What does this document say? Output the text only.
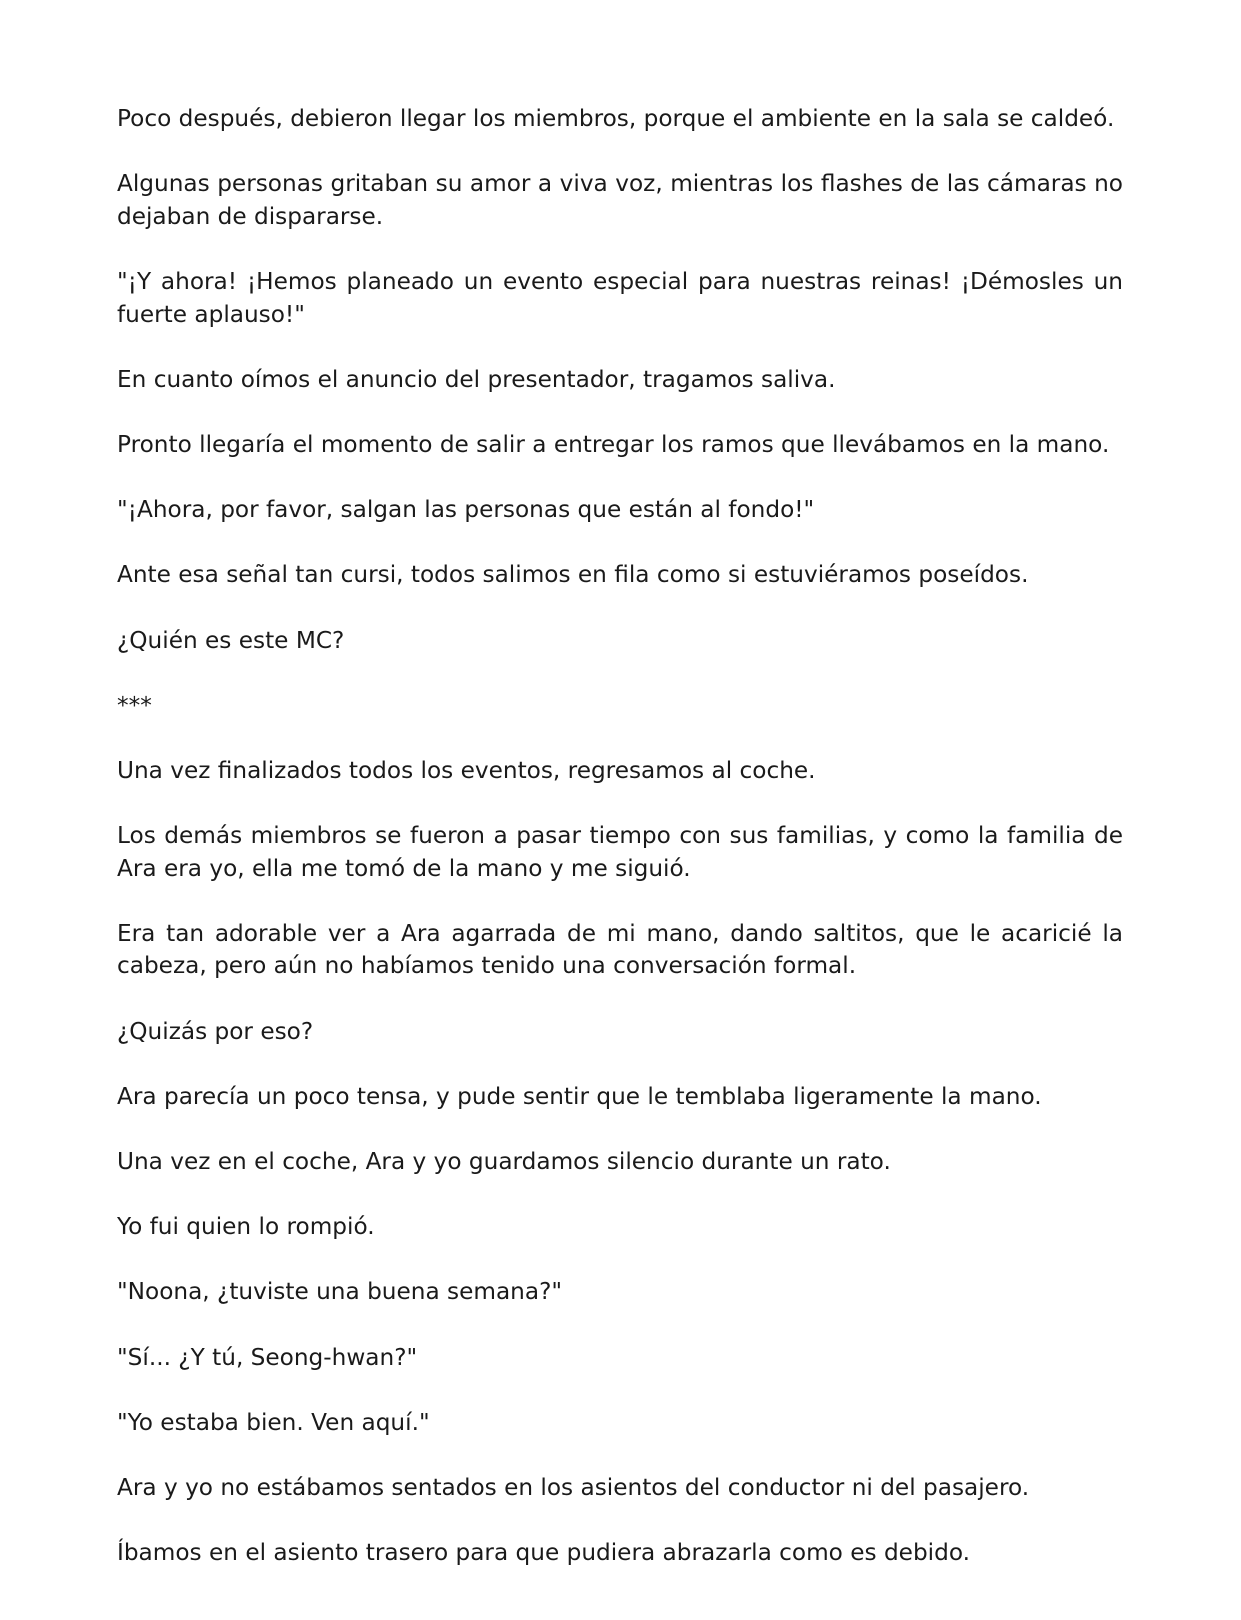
Poco después, debieron llegar los miembros, porque el ambiente en la sala se caldeó.

Algunas personas gritaban su amor a viva voz, mientras los flashes de las cámaras no dejaban de dispararse.

"¡Y ahora! ¡Hemos planeado un evento especial para nuestras reinas! ¡Démosles un fuerte aplauso!"

En cuanto oímos el anuncio del presentador, tragamos saliva.

Pronto llegaría el momento de salir a entregar los ramos que llevábamos en la mano.

"¡Ahora, por favor, salgan las personas que están al fondo!"

Ante esa señal tan cursi, todos salimos en fila como si estuviéramos poseídos.

¿Quién es este MC?

***

Una vez finalizados todos los eventos, regresamos al coche.

Los demás miembros se fueron a pasar tiempo con sus familias, y como la familia de Ara era yo, ella me tomó de la mano y me siguió.

Era tan adorable ver a Ara agarrada de mi mano, dando saltitos, que le acaricié la cabeza, pero aún no habíamos tenido una conversación formal.

¿Quizás por eso?

Ara parecía un poco tensa, y pude sentir que le temblaba ligeramente la mano.

Una vez en el coche, Ara y yo guardamos silencio durante un rato.

Yo fui quien lo rompió.

"Noona, ¿tuviste una buena semana?"

"Sí... ¿Y tú, Seong-hwan?"

"Yo estaba bien. Ven aquí."

Ara y yo no estábamos sentados en los asientos del conductor ni del pasajero.

Íbamos en el asiento trasero para que pudiera abrazarla como es debido.
